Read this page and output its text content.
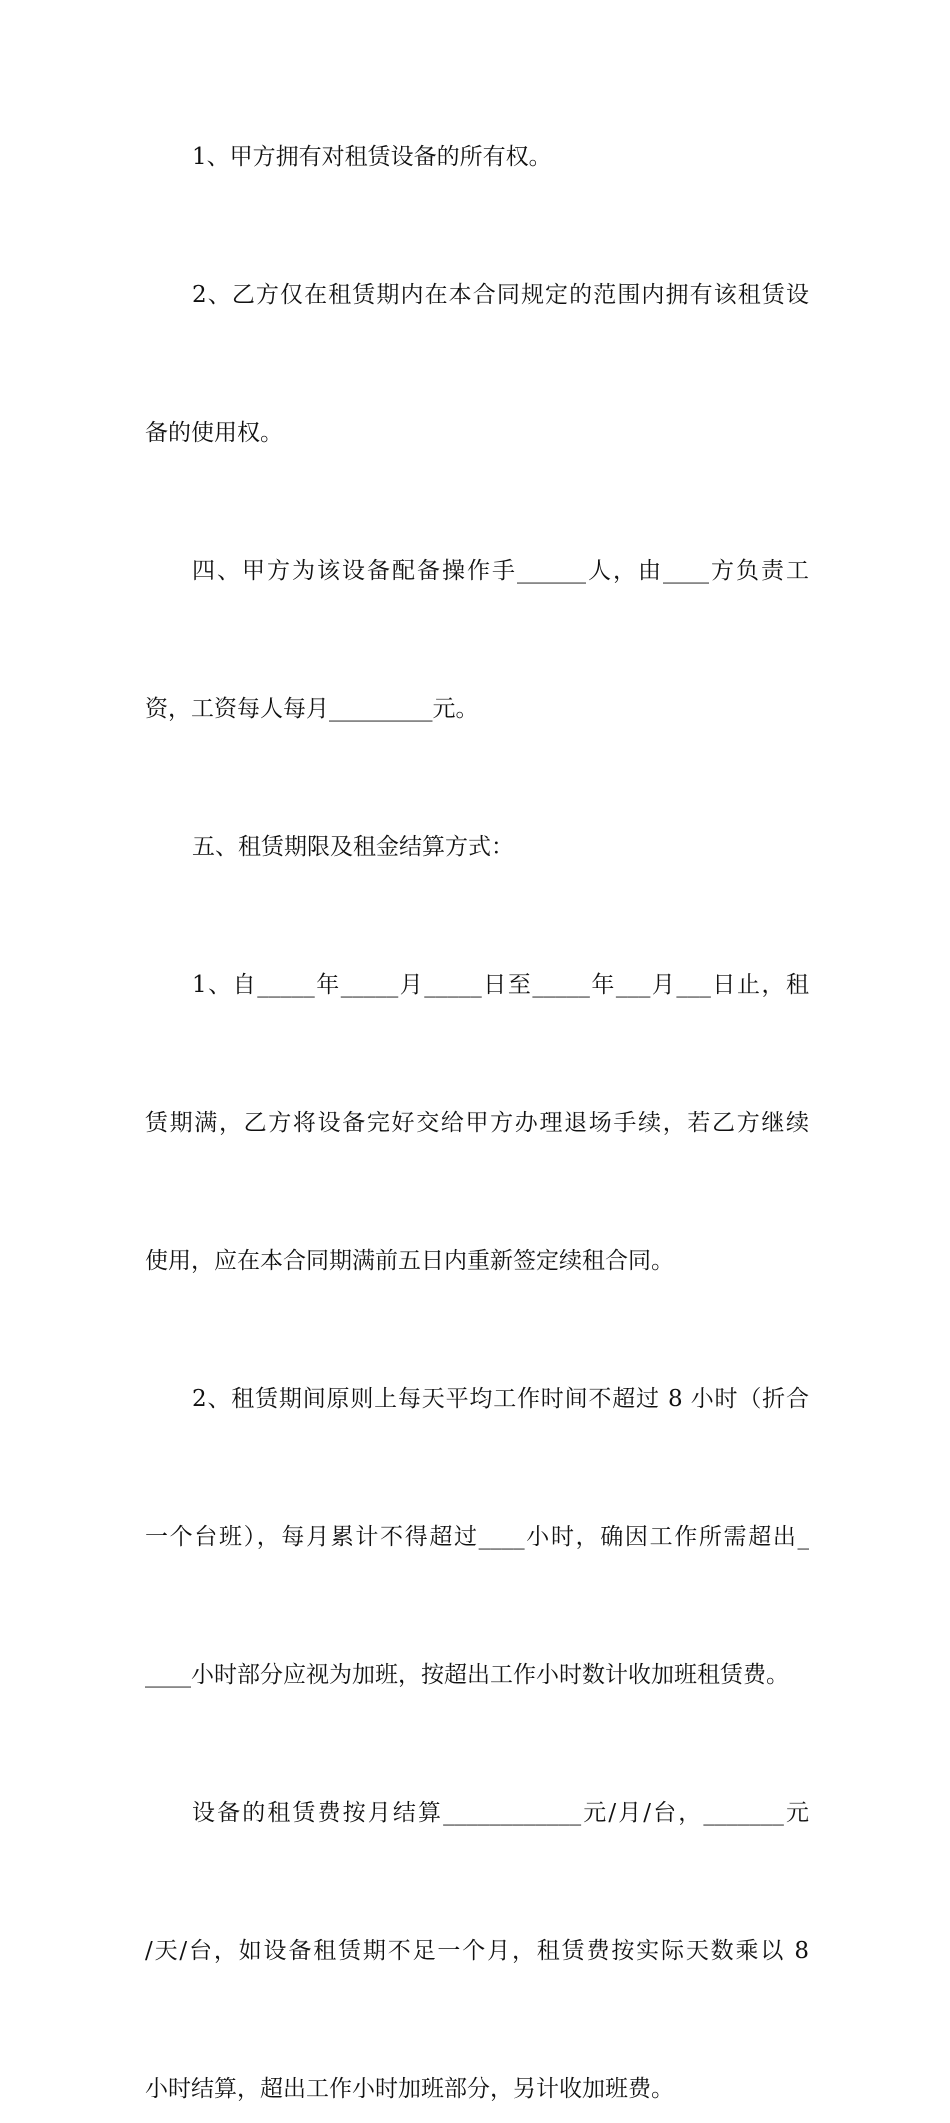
1、甲方拥有对租赁设备的所有权。
2、乙方仅在租赁期内在本合同规定的范围内拥有该租赁设
备的使用权。
四、甲方为该设备配备操作手______人，由____方负责工
资，工资每人每月_________元。
五、租赁期限及租金结算方式：
1、自_____年_____月_____日至_____年___月___日止，租
赁期满，乙方将设备完好交给甲方办理退场手续，若乙方继续
使用，应在本合同期满前五日内重新签定续租合同。
2、租赁期间原则上每天平均工作时间不超过 8 小时（折合
一个台班），每月累计不得超过____小时，确因工作所需超出_
____小时部分应视为加班，按超出工作小时数计收加班租赁费。
设备的租赁费按月结算____________元/月/台，_______元
/天/台，如设备租赁期不足一个月，租赁费按实际天数乘以 8
小时结算，超出工作小时加班部分，另计收加班费。
